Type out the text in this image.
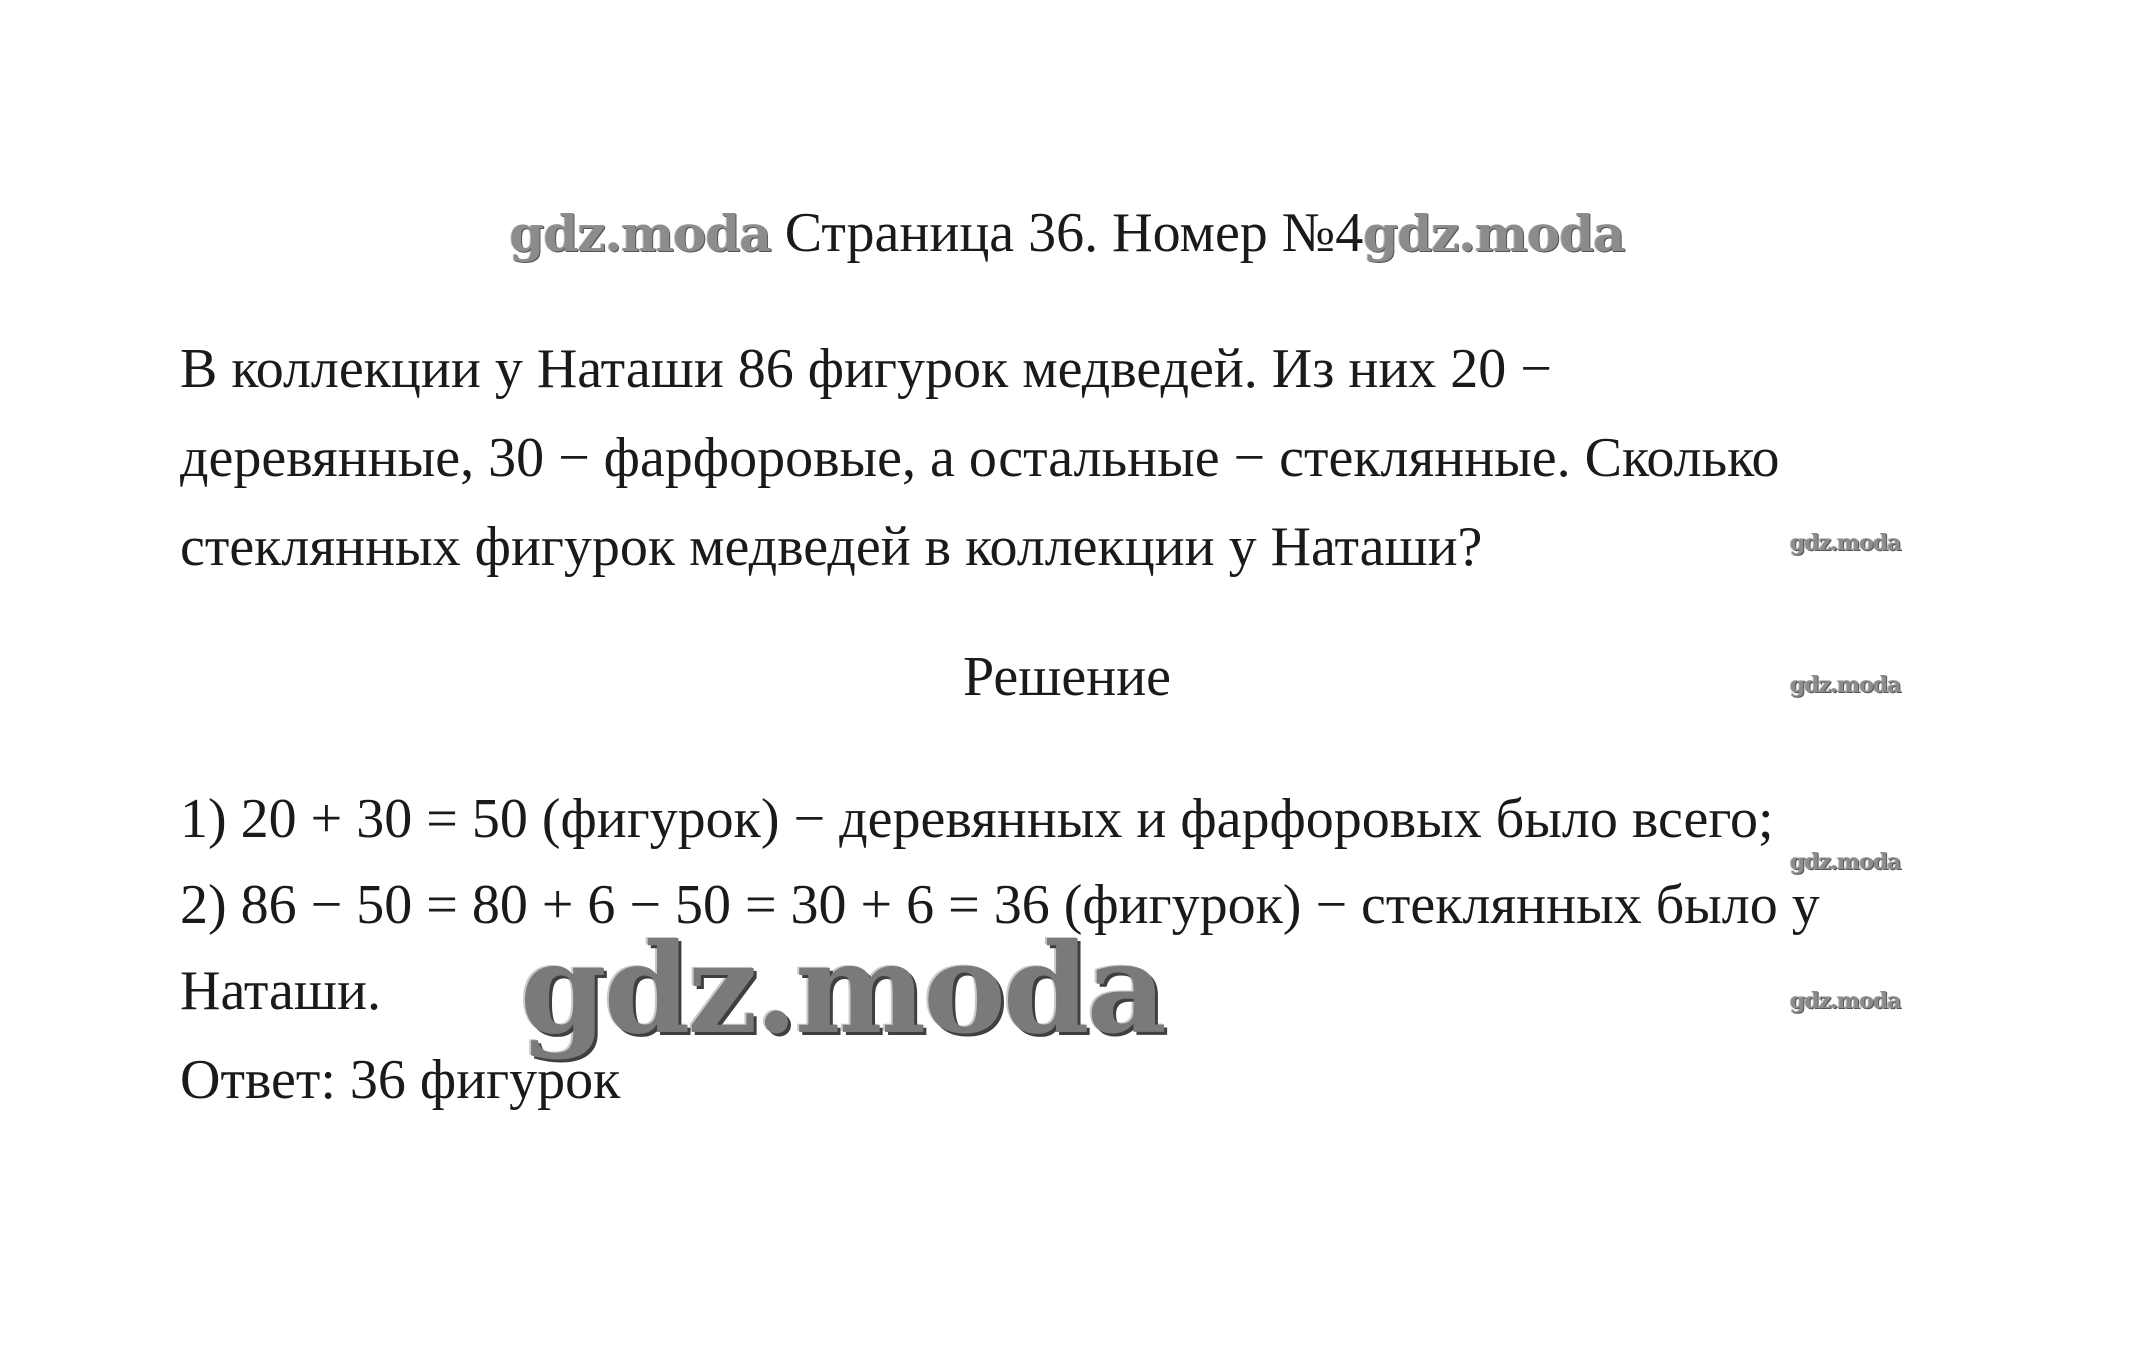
gdz.moda Страница 36. Номер №4gdz.moda
В коллекции у Наташи 86 фигурок медведей. Из них 20 −
деревянные, 30 − фарфоровые, а остальные − стеклянные. Сколько
стеклянных фигурок медведей в коллекции у Наташи?
Решение
1) 20 + 30 = 50 (фигурок) − деревянных и фарфоровых было всего;
2) 86 − 50 = 80 + 6 − 50 = 30 + 6 = 36 (фигурок) − стеклянных было у
Наташи.
Ответ: 36 фигурок
gdz.moda
gdz.moda
gdz.moda
gdz.moda
gdz.moda
